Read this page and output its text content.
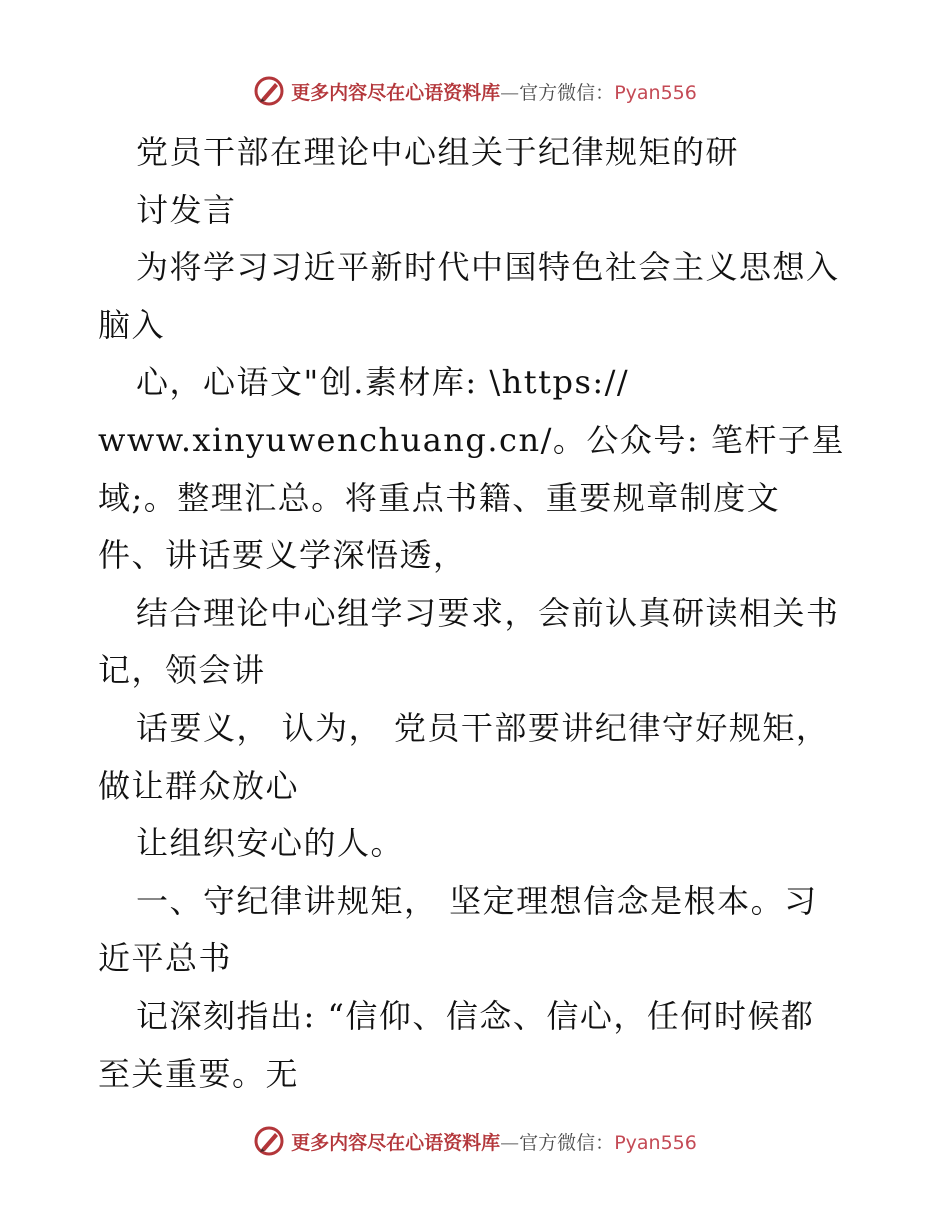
更多内容尽在心语资料库—官方微信：Pyan556
党员干部在理论中心组关于纪律规矩的研
讨发言
为将学习习近平新时代中国特色社会主义思想入
脑入
心，心语文"创.素材库: \https://
www.xinyuwenchuang.cn/。公众号: 笔杆子星
域;。整理汇总。将重点书籍、重要规章制度文
件、讲话要义学深悟透，
结合理论中心组学习要求，会前认真研读相关书
记，领会讲
话要义， 认为， 党员干部要讲纪律守好规矩，
做让群众放心
让组织安心的人。
一、守纪律讲规矩， 坚定理想信念是根本。习
近平总书
记深刻指出: “信仰、信念、信心，任何时候都
至关重要。无
更多内容尽在心语资料库—官方微信：Pyan556
